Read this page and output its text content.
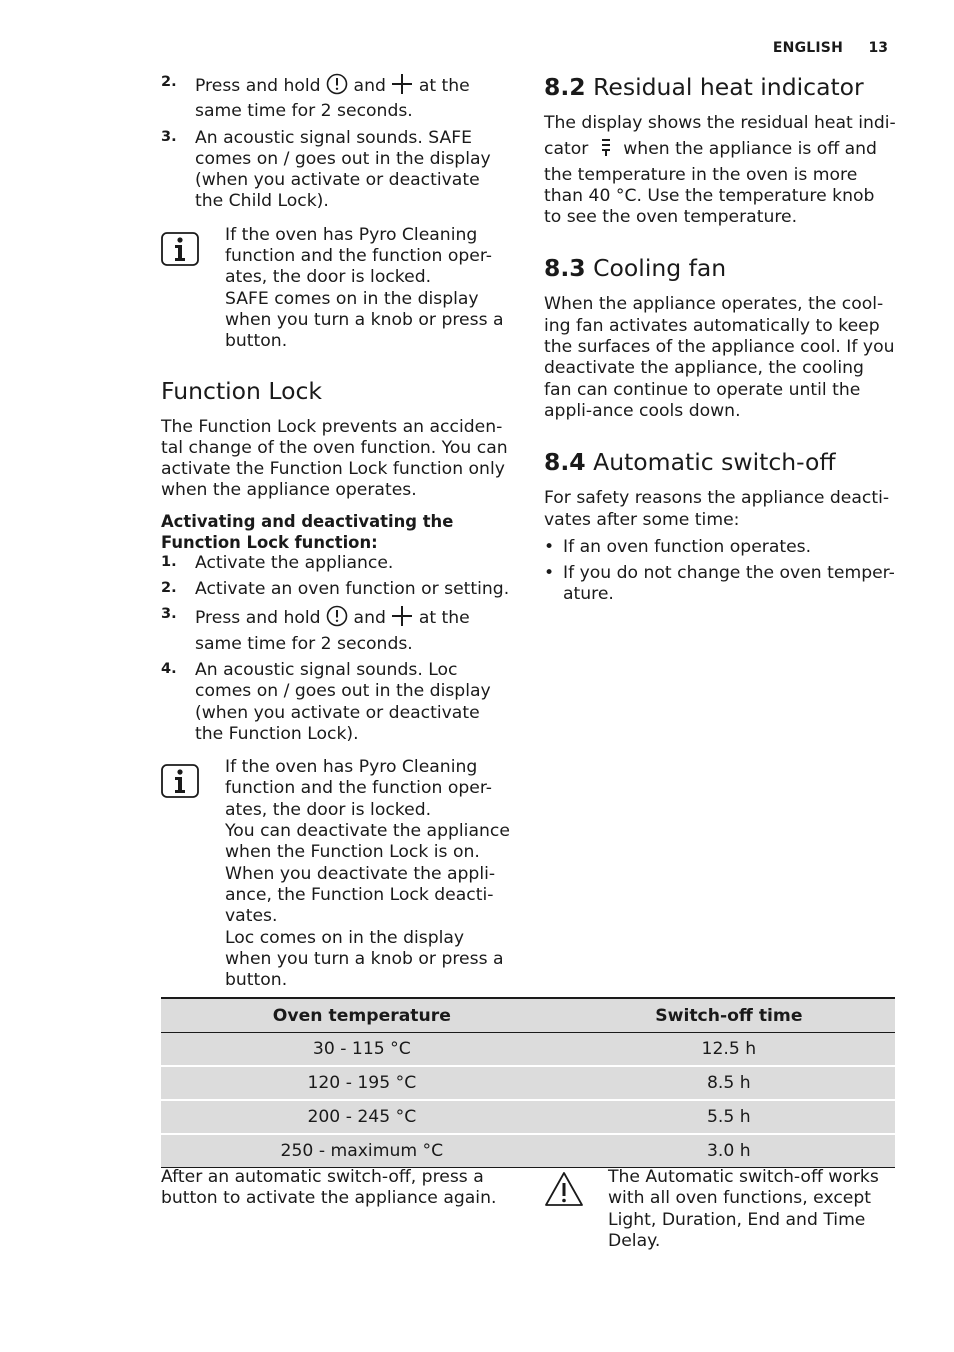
ENGLISH 13
2. Press and hold and at the same time for 2 seconds.
3. An acoustic signal sounds. SAFE comes on / goes out in the display (when you activate or deactivate the Child Lock).

If the oven has Pyro Cleaning function and the function oper-ates, the door is locked.

SAFE comes on in the display when you turn a knob or press a button.

Function Lock

The Function Lock prevents an acciden-tal change of the oven function. You can activate the Function Lock function only when the appliance operates.

Activating and deactivating the Function Lock function:

1. Activate the appliance.
2. Activate an oven function or setting.
3. Press and hold and at the same time for 2 seconds.
4. An acoustic signal sounds. Loc comes on / goes out in the display (when you activate or deactivate the Function Lock).

If the oven has Pyro Cleaning function and the function oper-ates, the door is locked.

You can deactivate the appliance when the Function Lock is on.

When you deactivate the appli-ance, the Function Lock deacti-vates.

Loc comes on in the display when you turn a knob or press a button.

8.2 Residual heat indicator

The display shows the residual heat indi-cator when the appliance is off and the temperature in the oven is more than 40 °C. Use the temperature knob to see the oven temperature.

8.3 Cooling fan

When the appliance operates, the cool-ing fan activates automatically to keep the surfaces of the appliance cool. If you deactivate the appliance, the cooling fan can continue to operate until the appli-ance cools down.

8.4 Automatic switch-off

For safety reasons the appliance deacti-vates after some time:

• If an oven function operates.
• If you do not change the oven temper-ature.
Oven temperature	Switch-off time
30 - 115 °C	12.5 h
120 - 195 °C	8.5 h
200 - 245 °C	5.5 h
250 - maximum °C	3.0 h
After an automatic switch-off, press a button to activate the appliance again.

The Automatic switch-off works with all oven functions, except Light, Duration, End and Time Delay.
